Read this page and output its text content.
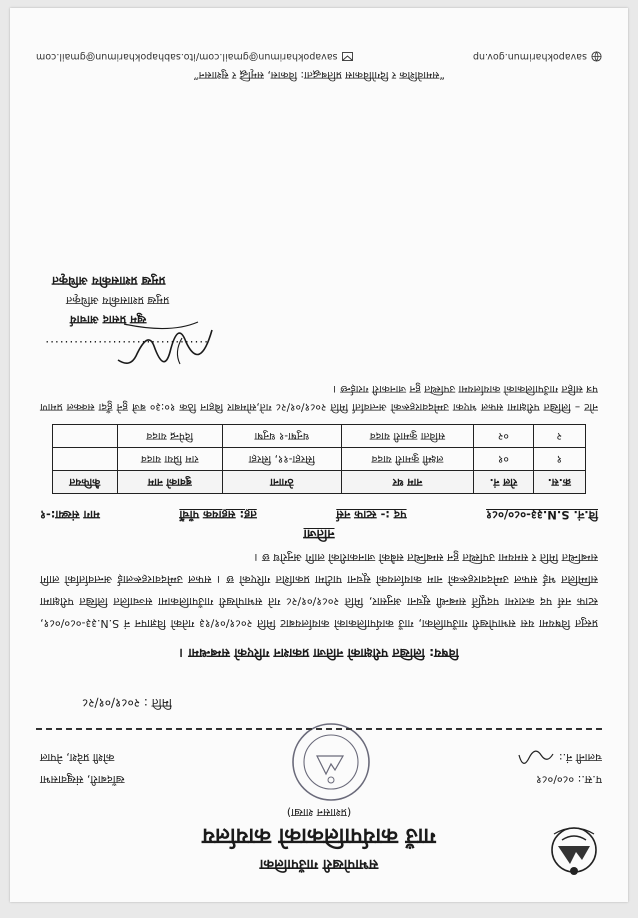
सभापोखरी गाउँपालिका
गाउँ कार्यपालिकाको कार्यालय
(प्रशासन शाखा)
प.स.: ०८०/०८१
चलानी नं.:
खाँदबारी, संखुवासभा
कोशी प्रदेश, नेपाल
मिति : २०८१/०१/२८
विषय: लिखित परीक्षाको नतिजा प्रकाशन गरिएको सम्बन्धमा ।
प्रस्तुत विषयमा यस सभापोखरी गाउँपालिका, गाउँ कार्यपालिकाको कार्यालयबाट मिति २०८१/०१/१३ गतेको विज्ञापन नं S.N.३३-०८०/०८१, स्टाफ नर्स पद करारमा पदपूर्ति सम्बन्धी सूचना अनुसार, मिति २०८१/०१/२८ गते सभापोखरी गाउँपालिकामा सञ्चालित लिखित परीक्षामा सम्मिलित भई सफल उम्मेदवारहरूको नाम कार्यालयको सूचना पाटीमा प्रकाशित गरिएको छ । सफल उम्मेदवारहरूलाई अन्तर्वार्ताको लागि सम्बन्धित मिति र समयमा उपस्थित हुन सम्बन्धित सबैको जानकारीको लागि अनुरोध छ ।
नतिजा
वि.नं. S.N.३३-०८०/०८१
पद :- स्टाफ नर्स
तह: सहायक पाँचौं
माग संख्या:-१
क्र.स.	रोल नं.	नाम थर	ठेगाना	बुवाको नाम	कैफियत
१	०१	लक्ष्मी कुमारी यादव	सिरहा-११, सिरहा	राम प्रिया यादव	
२	०२	सविता कुमारी यादव	धनुषा-१ धनुषा	दिपेन्द्र यादव	
नोट – लिखित परीक्षामा सफल भएका उम्मेदवारहरूको अन्तर्वार्ता मिति २०८१/०१/२८ गते,सोमबार बिहान ठिक १०:३० बजे हुने हुँदा सक्कल प्रमाण पत्र सहित गाउँपालिकाको कार्यालयमा उपस्थित हुन जानकारी गराईन्छ ।
..................................
खुम प्रसाद आचार्य
प्रमुख प्रशासकीय अधिकृत
प्रमुख प्रशासकीय अधिकृत
“समावेशिक र दिगोविकास प्रतिबद्धता: विकास, समृद्धि र सुशासन”
savapokharimun.gov.np
savapokharimun@gmail.com/ito.sabhapokharimun@gmail.com
